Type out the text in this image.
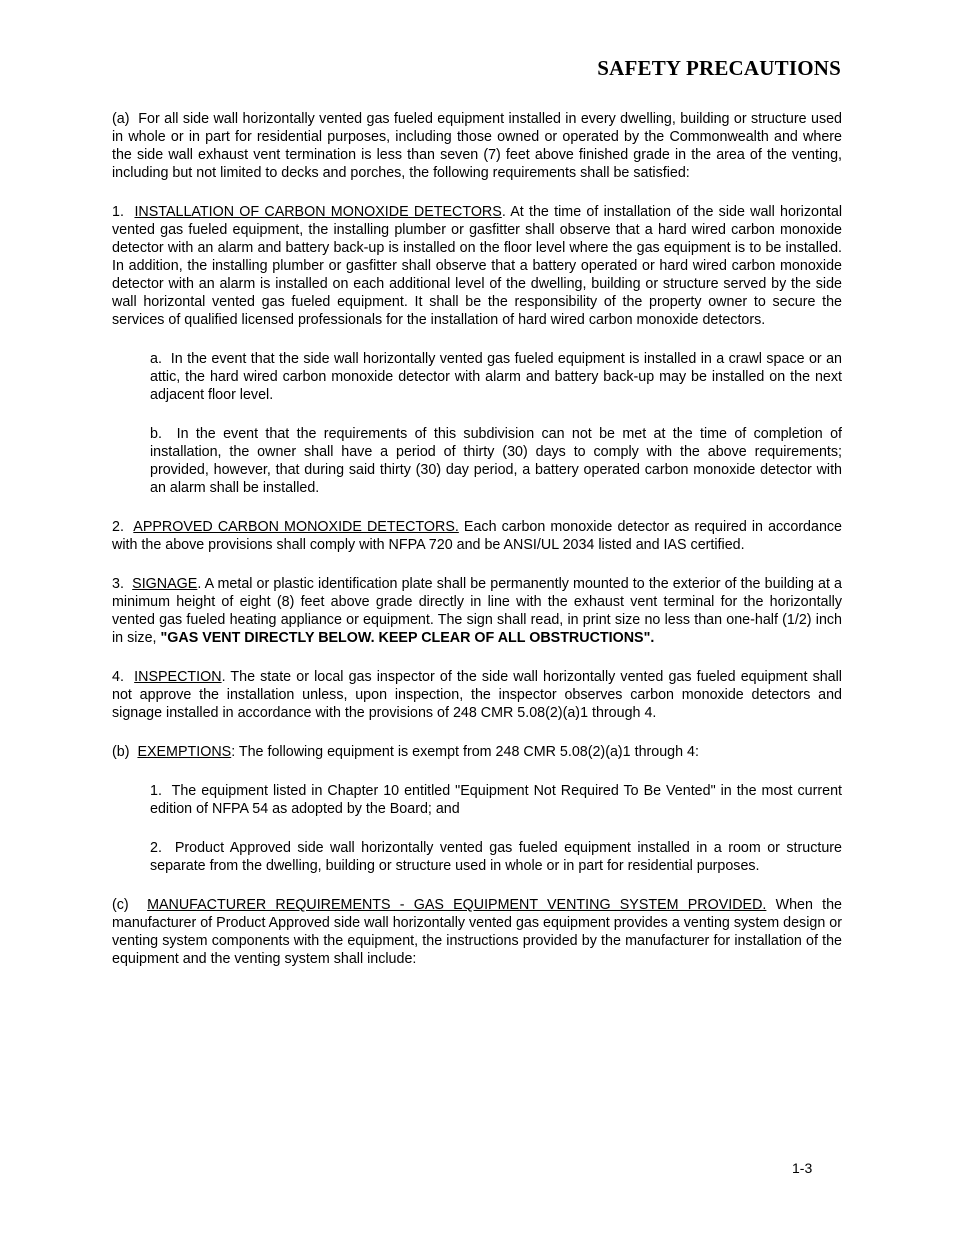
SAFETY PRECAUTIONS

(a) For all side wall horizontally vented gas fueled equipment installed in every dwelling, building or structure used in whole or in part for residential purposes, including those owned or operated by the Commonwealth and where the side wall exhaust vent termination is less than seven (7) feet above finished grade in the area of the venting, including but not limited to decks and porches, the following requirements shall be satisfied:

1. INSTALLATION OF CARBON MONOXIDE DETECTORS. At the time of installation of the side wall horizontal vented gas fueled equipment, the installing plumber or gasfitter shall observe that a hard wired carbon monoxide detector with an alarm and battery back-up is installed on the floor level where the gas equipment is to be installed. In addition, the installing plumber or gasfitter shall observe that a battery operated or hard wired carbon monoxide detector with an alarm is installed on each additional level of the dwelling, building or structure served by the side wall horizontal vented gas fueled equipment. It shall be the responsibility of the property owner to secure the services of qualified licensed professionals for the installation of hard wired carbon monoxide detectors.

a. In the event that the side wall horizontally vented gas fueled equipment is installed in a crawl space or an attic, the hard wired carbon monoxide detector with alarm and battery back-up may be installed on the next adjacent floor level.

b. In the event that the requirements of this subdivision can not be met at the time of completion of installation, the owner shall have a period of thirty (30) days to comply with the above requirements; provided, however, that during said thirty (30) day period, a battery operated carbon monoxide detector with an alarm shall be installed.

2. APPROVED CARBON MONOXIDE DETECTORS. Each carbon monoxide detector as required in accordance with the above provisions shall comply with NFPA 720 and be ANSI/UL 2034 listed and IAS certified.

3. SIGNAGE. A metal or plastic identification plate shall be permanently mounted to the exterior of the building at a minimum height of eight (8) feet above grade directly in line with the exhaust vent terminal for the horizontally vented gas fueled heating appliance or equipment. The sign shall read, in print size no less than one-half (1/2) inch in size, "GAS VENT DIRECTLY BELOW. KEEP CLEAR OF ALL OBSTRUCTIONS".

4. INSPECTION. The state or local gas inspector of the side wall horizontally vented gas fueled equipment shall not approve the installation unless, upon inspection, the inspector observes carbon monoxide detectors and signage installed in accordance with the provisions of 248 CMR 5.08(2)(a)1 through 4.

(b) EXEMPTIONS: The following equipment is exempt from 248 CMR 5.08(2)(a)1 through 4:

1. The equipment listed in Chapter 10 entitled "Equipment Not Required To Be Vented" in the most current edition of NFPA 54 as adopted by the Board; and

2. Product Approved side wall horizontally vented gas fueled equipment installed in a room or structure separate from the dwelling, building or structure used in whole or in part for residential purposes.

(c) MANUFACTURER REQUIREMENTS - GAS EQUIPMENT VENTING SYSTEM PROVIDED. When the manufacturer of Product Approved side wall horizontally vented gas equipment provides a venting system design or venting system components with the equipment, the instructions provided by the manufacturer for installation of the equipment and the venting system shall include:

1-3
